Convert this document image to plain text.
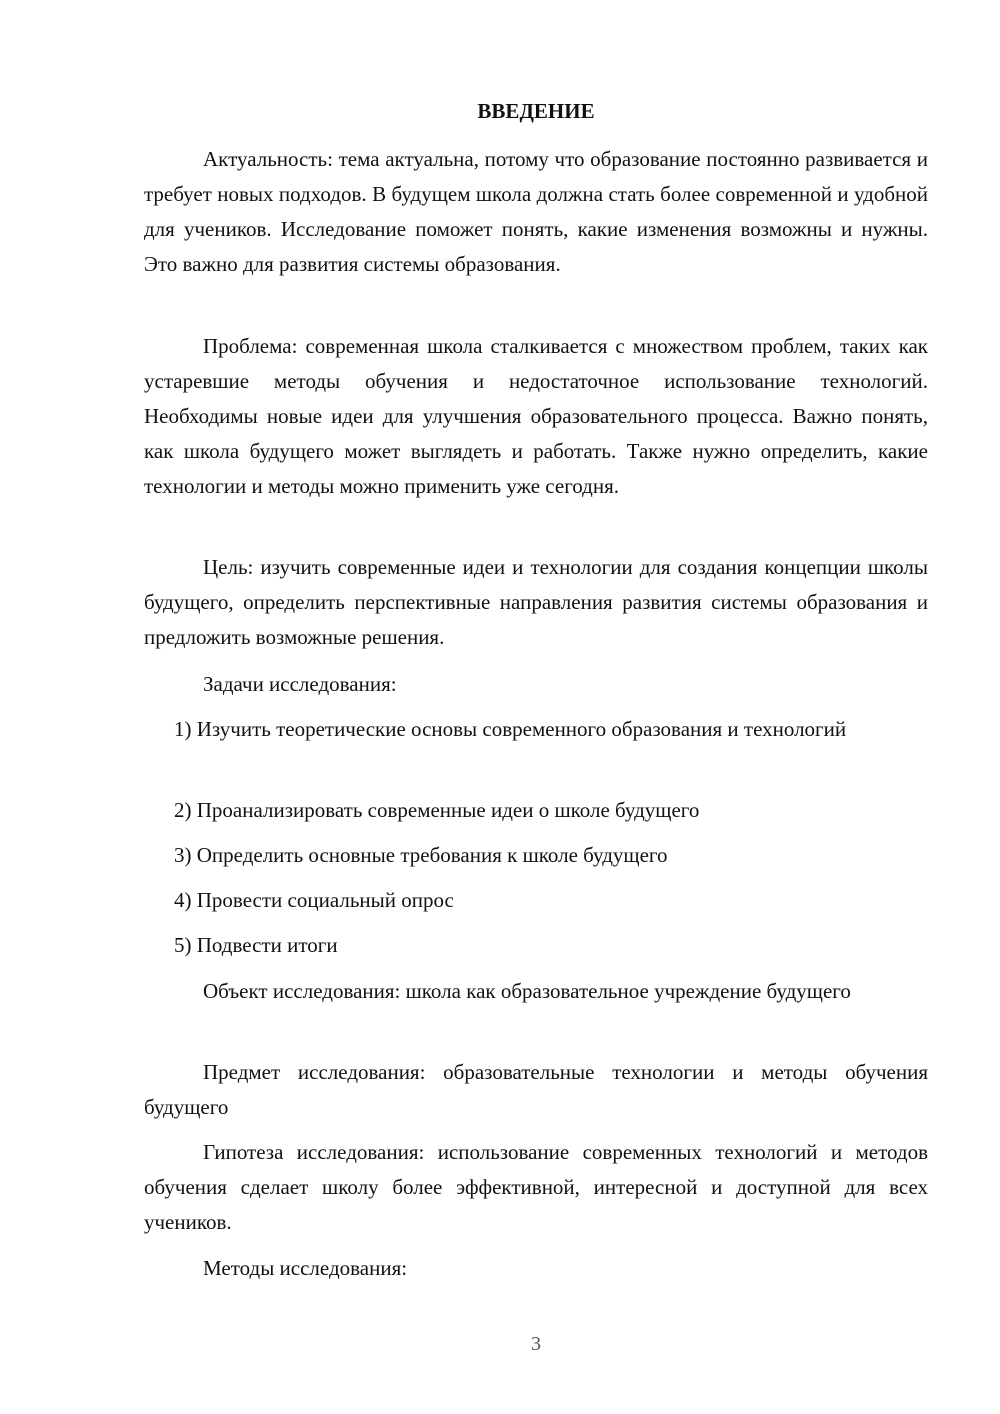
ВВЕДЕНИЕ

Актуальность: тема актуальна, потому что образование постоянно развивается и требует новых подходов. В будущем школа должна стать более современной и удобной для учеников. Исследование поможет понять, какие изменения возможны и нужны. Это важно для развития системы образования.

Проблема: современная школа сталкивается с множеством проблем, таких как устаревшие методы обучения и недостаточное использование технологий. Необходимы новые идеи для улучшения образовательного процесса. Важно понять, как школа будущего может выглядеть и работать. Также нужно определить, какие технологии и методы можно применить уже сегодня.

Цель: изучить современные идеи и технологии для создания концепции школы будущего, определить перспективные направления развития системы образования и предложить возможные решения.

Задачи исследования:

1) Изучить теоретические основы современного образования и технологий

2) Проанализировать современные идеи о школе будущего

3) Определить основные требования к школе будущего

4) Провести социальный опрос

5) Подвести итоги

Объект исследования: школа как образовательное учреждение будущего

Предмет исследования: образовательные технологии и методы обучения будущего

Гипотеза исследования: использование современных технологий и методов обучения сделает школу более эффективной, интересной и доступной для всех учеников.

Методы исследования:

3
